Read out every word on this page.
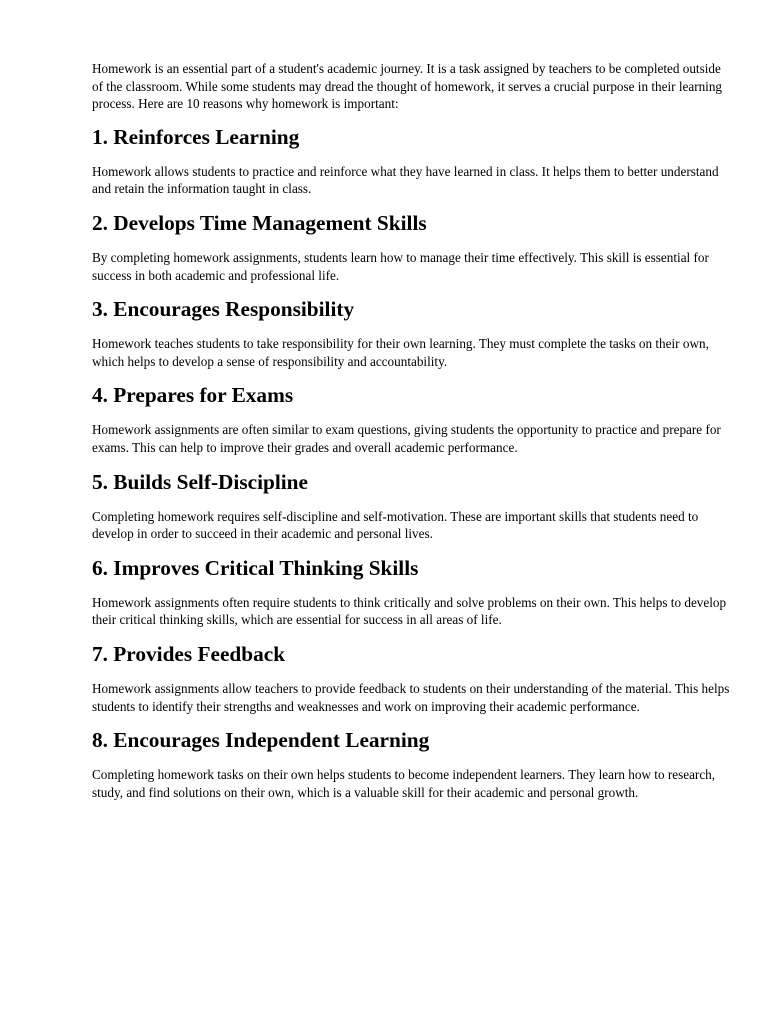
Homework is an essential part of a student's academic journey. It is a task assigned by teachers to be completed outside of the classroom. While some students may dread the thought of homework, it serves a crucial purpose in their learning process. Here are 10 reasons why homework is important:

1. Reinforces Learning

Homework allows students to practice and reinforce what they have learned in class. It helps them to better understand and retain the information taught in class.

2. Develops Time Management Skills

By completing homework assignments, students learn how to manage their time effectively. This skill is essential for success in both academic and professional life.

3. Encourages Responsibility

Homework teaches students to take responsibility for their own learning. They must complete the tasks on their own, which helps to develop a sense of responsibility and accountability.

4. Prepares for Exams

Homework assignments are often similar to exam questions, giving students the opportunity to practice and prepare for exams. This can help to improve their grades and overall academic performance.

5. Builds Self-Discipline

Completing homework requires self-discipline and self-motivation. These are important skills that students need to develop in order to succeed in their academic and personal lives.

6. Improves Critical Thinking Skills

Homework assignments often require students to think critically and solve problems on their own. This helps to develop their critical thinking skills, which are essential for success in all areas of life.

7. Provides Feedback

Homework assignments allow teachers to provide feedback to students on their understanding of the material. This helps students to identify their strengths and weaknesses and work on improving their academic performance.

8. Encourages Independent Learning

Completing homework tasks on their own helps students to become independent learners. They learn how to research, study, and find solutions on their own, which is a valuable skill for their academic and personal growth.
